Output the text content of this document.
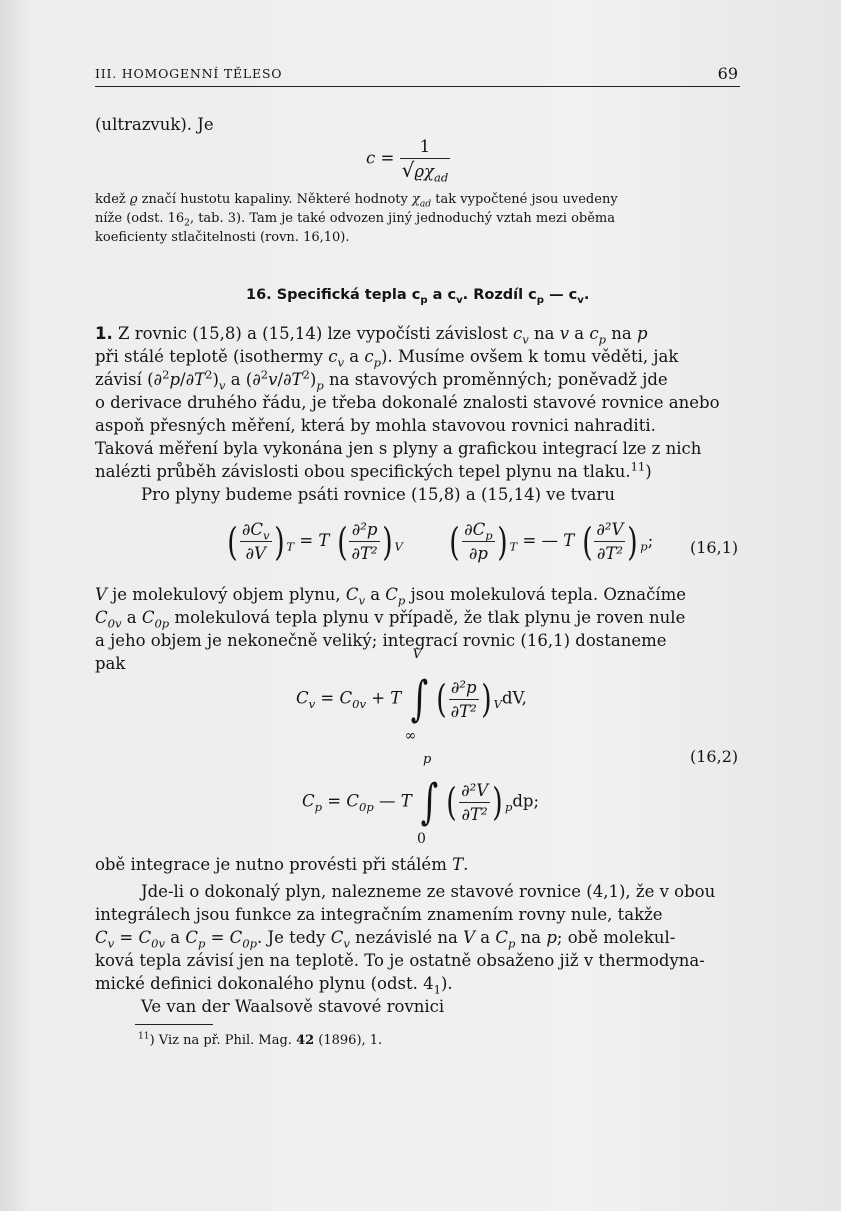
III. HOMOGENNÍ TĚLESO	69
(ultrazvuk). Je
$c = \frac{1}{√ϱ\chi_{ad}}$
kdež ϱ značí hustotu kapaliny. Některé hodnoty $\chi_{ad}$ tak vypočtené jsou uvedeny
níže (odst. $16_2$, tab. 3). Tam je také odvozen jiný jednoduchý vztah mezi oběma
koeficienty stlačitelnosti (rovn. 16,10).
16. Specifická tepla $c_p$ a $c_v$. Rozdíl $c_p$ — $c_v$.
1. Z rovnic (15,8) a (15,14) lze vypočísti závislost $c_v$ na v a $c_p$ na p
při stálé teplotě (isothermy $c_v$ a $c_p$). Musíme ovšem k tomu věděti, jak
závisí $(\partial^2p/\partial T^2)_v$ a $(\partial^2v/\partial T^2)_p$ na stavových proměnných; poněvadž jde
o derivace druhého řádu, je třeba dokonalé znalosti stavové rovnice anebo
aspoň přesných měření, která by mohla stavovou rovnici nahraditi.
Taková měření byla vykonána jen s plyny a grafickou integrací lze z nich
nalézti průběh závislosti obou specifických tepel plynu na tlaku.$^{11}$)
Pro plyny budeme psáti rovnice (15,8) a (15,14) ve tvaru
( $\frac{\partial C_v}{\partial V}$ ) $_T$ = T ( $\frac{\text{∂²p}}{\text{∂T²}}$ ) $_V$ ( $\frac{\partial C_p}{\partial p}$ ) $_T$ = — T ( $\frac{\text{∂²V}}{\text{∂T²}}$ ) $_p$; (16,1)
V je molekulový objem plynu, $C_v$ a $C_p$ jsou molekulová tepla. Označíme
$C_{0v}$ a $C_{0p}$ molekulová tepla plynu v případě, že tlak plynu je roven nule
a jeho objem je nekonečně veliký; integrací rovnic (16,1) dostaneme
pak
$C_v = C_{0v} + T$
V
∫
∞
( $\frac{\text{∂²p}}{\text{∂T²}}$ ) $_V$dV,
(16,2)
$C_p = C_{0p}$ — T
p
∫
0
( $\frac{\text{∂²V}}{\text{∂T²}}$ ) $_p$dp;
obě integrace je nutno provésti při stálém T.
Jde-li o dokonalý plyn, nalezneme ze stavové rovnice (4,1), že v obou
integrálech jsou funkce za integračním znamením rovny nule, takže
$C_v = C_{0v}$ a $C_p = C_{0p}$. Je tedy $C_v$ nezávislé na V a $C_p$ na p; obě molekul-
ková tepla závisí jen na teplotě. To je ostatně obsaženo již v thermodyna-
mické definici dokonalého plynu (odst. $4_1$).
Ve van der Waalsově stavové rovnici
$^{11}$) Viz na př. Phil. Mag. 42 (1896), 1.
